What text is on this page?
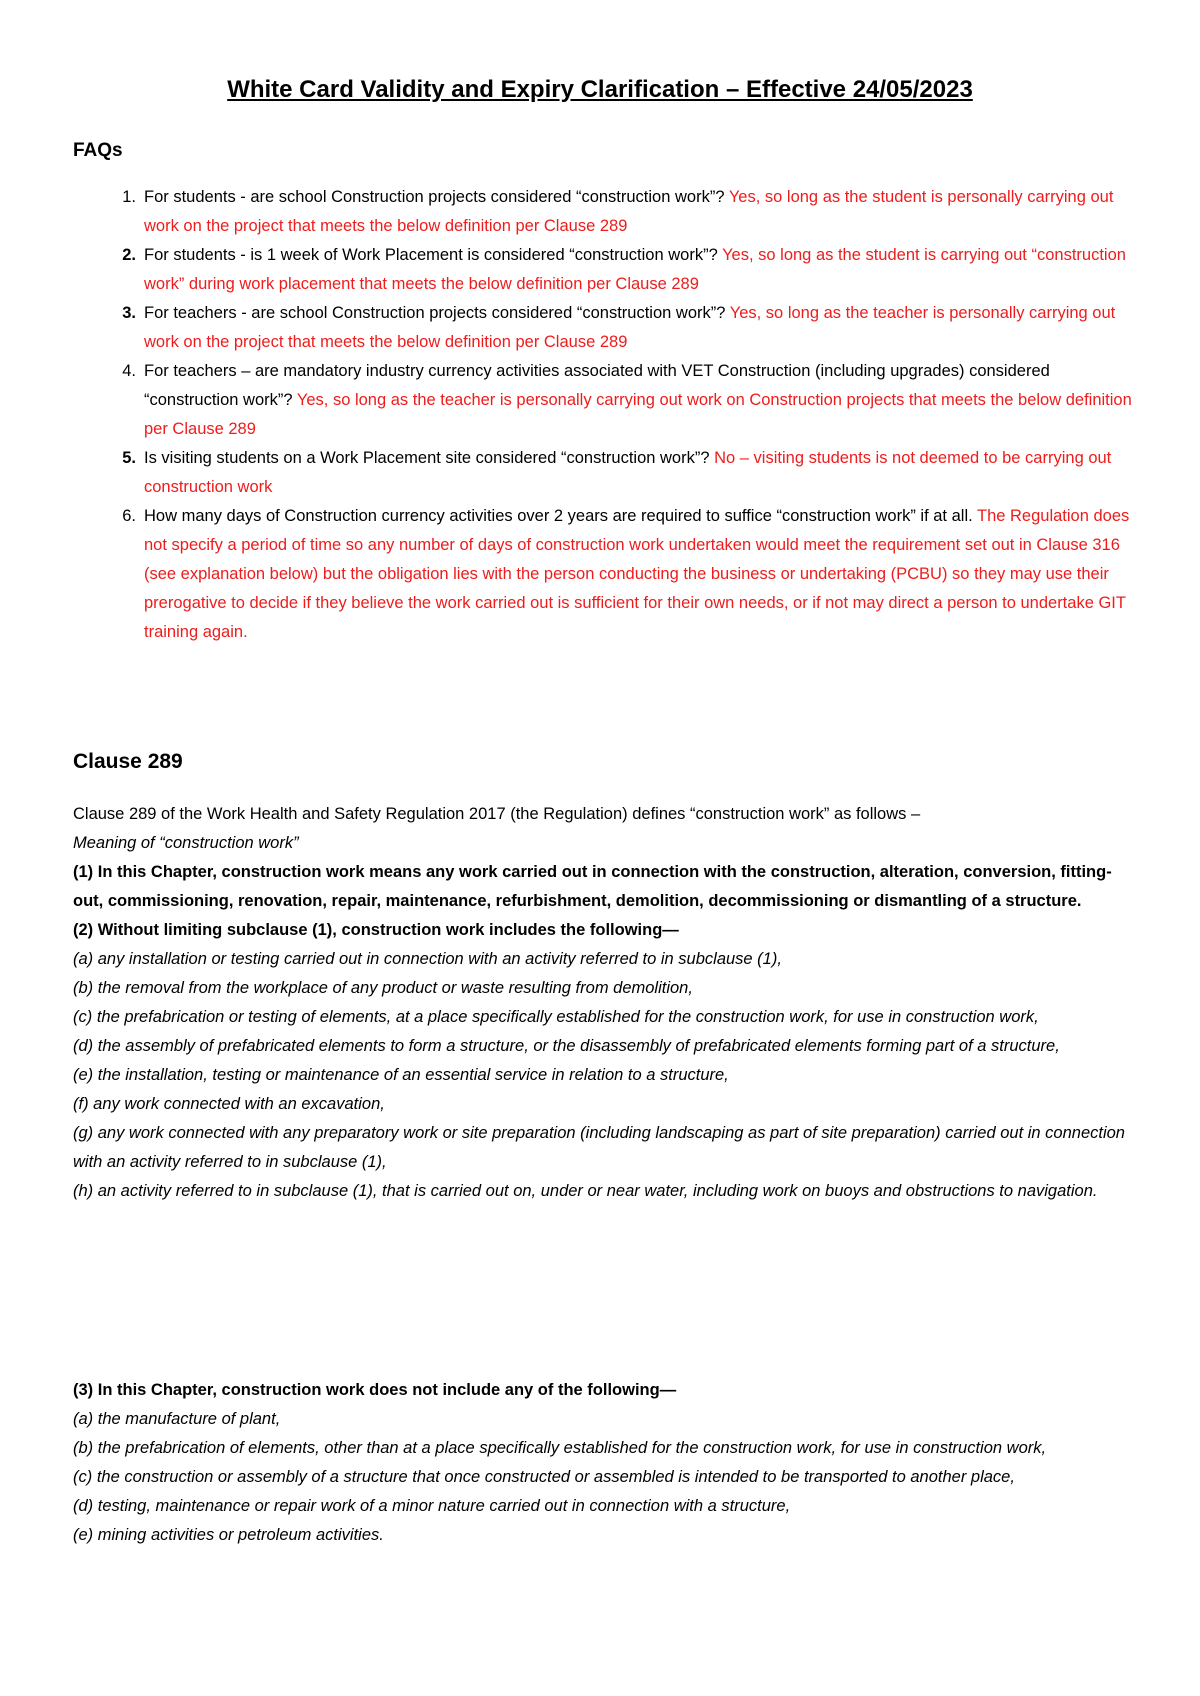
White Card Validity and Expiry Clarification – Effective 24/05/2023
FAQs
1. For students - are school Construction projects considered “construction work”? Yes, so long as the student is personally carrying out work on the project that meets the below definition per Clause 289
2. For students - is 1 week of Work Placement is considered “construction work”? Yes, so long as the student is carrying out “construction work” during work placement that meets the below definition per Clause 289
3. For teachers - are school Construction projects considered “construction work”? Yes, so long as the teacher is personally carrying out work on the project that meets the below definition per Clause 289
4. For teachers – are mandatory industry currency activities associated with VET Construction (including upgrades) considered “construction work”? Yes, so long as the teacher is personally carrying out work on Construction projects that meets the below definition per Clause 289
5. Is visiting students on a Work Placement site considered “construction work”? No – visiting students is not deemed to be carrying out construction work
6. How many days of Construction currency activities over 2 years are required to suffice “construction work” if at all. The Regulation does not specify a period of time so any number of days of construction work undertaken would meet the requirement set out in Clause 316 (see explanation below) but the obligation lies with the person conducting the business or undertaking (PCBU) so they may use their prerogative to decide if they believe the work carried out is sufficient for their own needs, or if not may direct a person to undertake GIT training again.
Clause 289

Clause 289 of the Work Health and Safety Regulation 2017 (the Regulation) defines “construction work” as follows –

Meaning of “construction work”

(1) In this Chapter, construction work means any work carried out in connection with the construction, alteration, conversion, fitting-out, commissioning, renovation, repair, maintenance, refurbishment, demolition, decommissioning or dismantling of a structure.

(2) Without limiting subclause (1), construction work includes the following—

(a) any installation or testing carried out in connection with an activity referred to in subclause (1),

(b) the removal from the workplace of any product or waste resulting from demolition,

(c) the prefabrication or testing of elements, at a place specifically established for the construction work, for use in construction work,

(d) the assembly of prefabricated elements to form a structure, or the disassembly of prefabricated elements forming part of a structure,

(e) the installation, testing or maintenance of an essential service in relation to a structure,

(f) any work connected with an excavation,

(g) any work connected with any preparatory work or site preparation (including landscaping as part of site preparation) carried out in connection with an activity referred to in subclause (1),

(h) an activity referred to in subclause (1), that is carried out on, under or near water, including work on buoys and obstructions to navigation.

(3) In this Chapter, construction work does not include any of the following—

(a) the manufacture of plant,

(b) the prefabrication of elements, other than at a place specifically established for the construction work, for use in construction work,

(c) the construction or assembly of a structure that once constructed or assembled is intended to be transported to another place,

(d) testing, maintenance or repair work of a minor nature carried out in connection with a structure,

(e) mining activities or petroleum activities.
